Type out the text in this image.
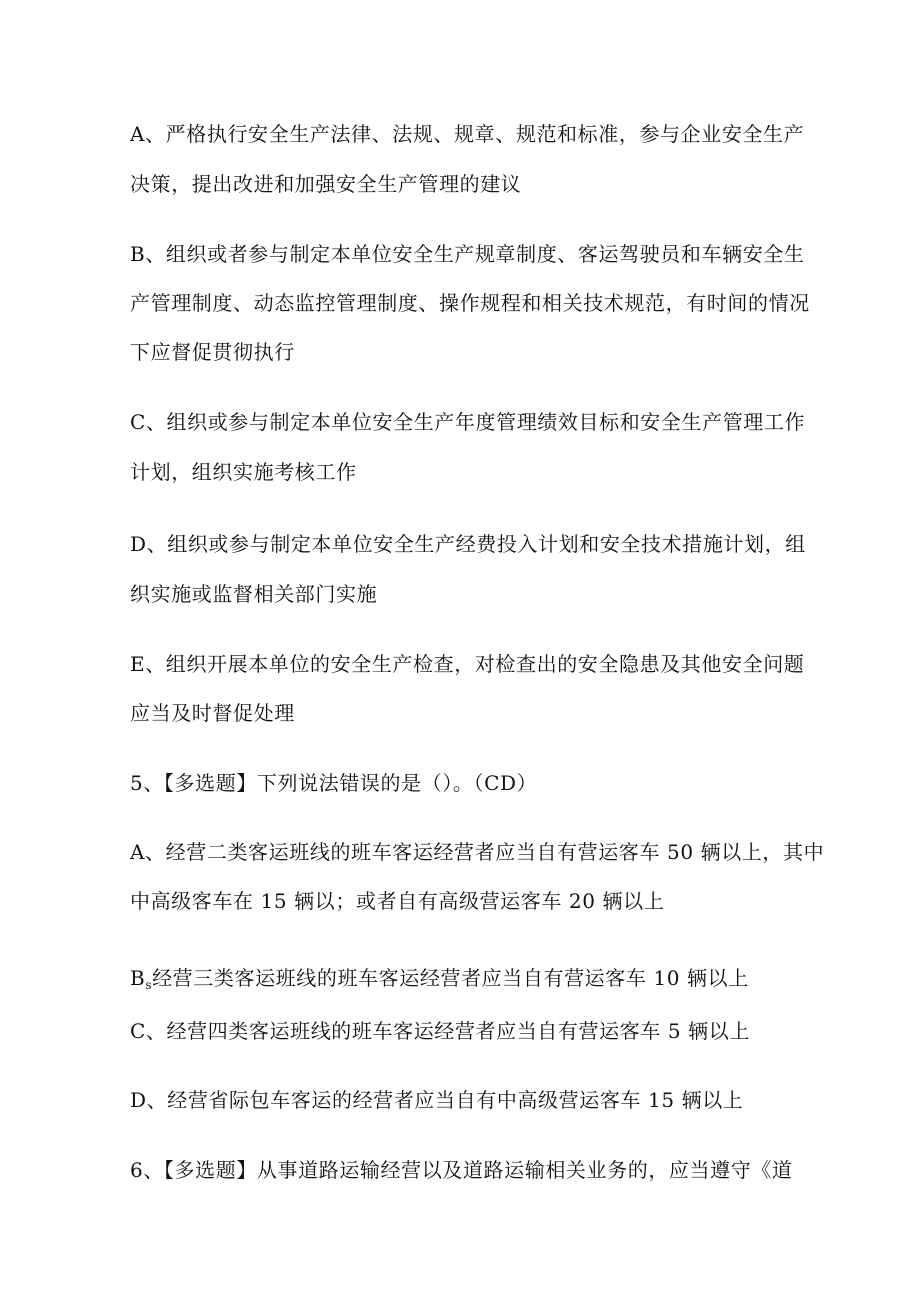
A、严格执行安全生产法律、法规、规章、规范和标准，参与企业安全生产
决策，提出改进和加强安全生产管理的建议
B、组织或者参与制定本单位安全生产规章制度、客运驾驶员和车辆安全生
产管理制度、动态监控管理制度、操作规程和相关技术规范，有时间的情况
下应督促贯彻执行
C、组织或参与制定本单位安全生产年度管理绩效目标和安全生产管理工作
计划，组织实施考核工作
D、组织或参与制定本单位安全生产经费投入计划和安全技术措施计划，组
织实施或监督相关部门实施
E、组织开展本单位的安全生产检查，对检查出的安全隐患及其他安全问题
应当及时督促处理
5、【多选题】下列说法错误的是（）。（CD）
A、经营二类客运班线的班车客运经营者应当自有营运客车 50 辆以上，其中
中高级客车在 15 辆以；或者自有高级营运客车 20 辆以上
$B_s$经营三类客运班线的班车客运经营者应当自有营运客车 10 辆以上
C、经营四类客运班线的班车客运经营者应当自有营运客车 5 辆以上
D、经营省际包车客运的经营者应当自有中高级营运客车 15 辆以上
6、【多选题】从事道路运输经营以及道路运输相关业务的，应当遵守《道
